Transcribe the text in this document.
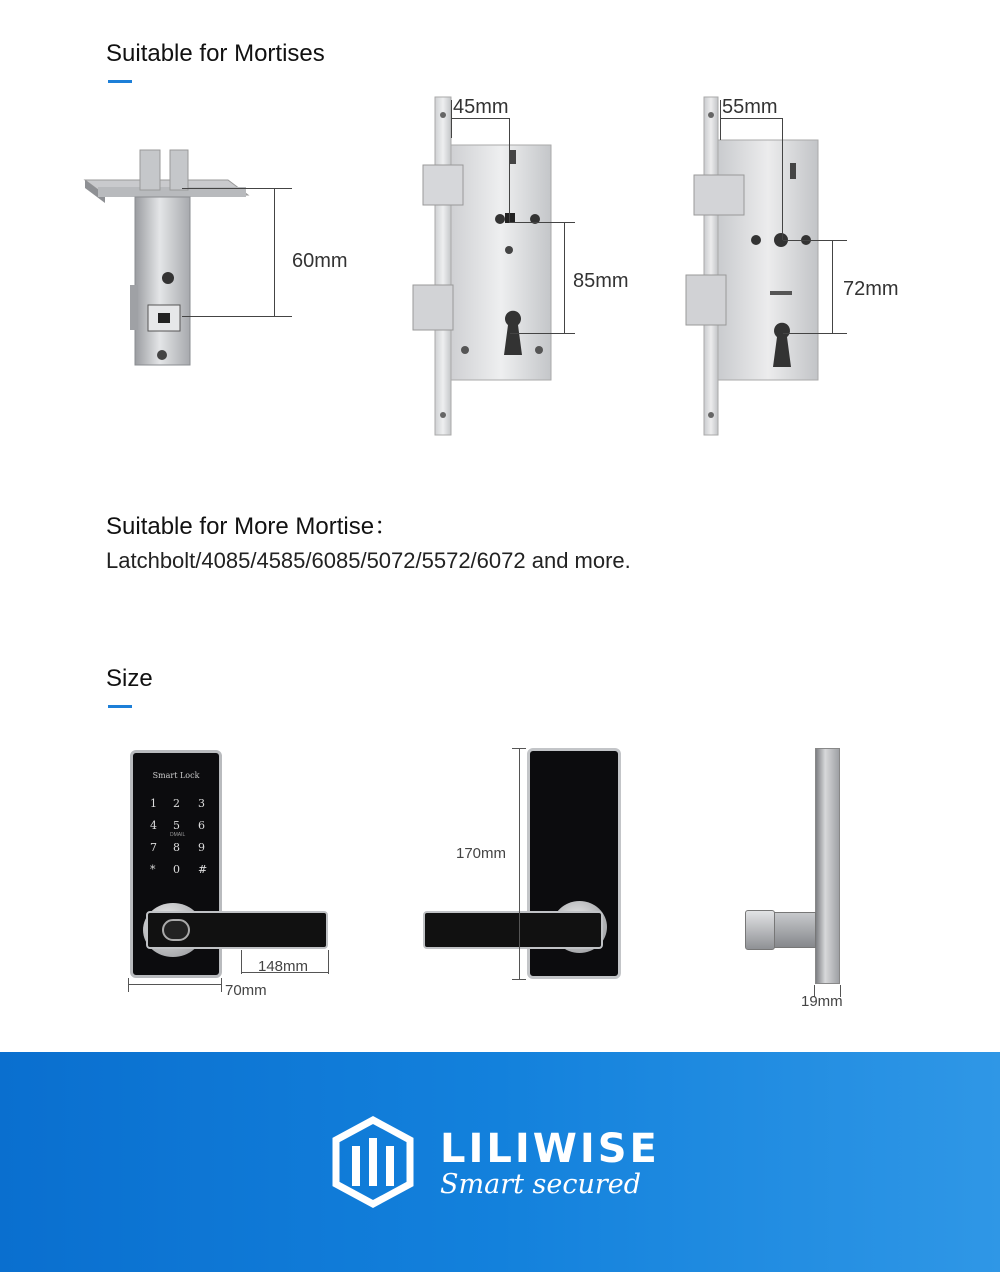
Suitable for Mortises
60mm
45mm
85mm
55mm
72mm
Suitable for More Mortise：
Latchbolt/4085/4585/6085/5072/5572/6072 and more.
Size
Smart Lock
1 2 3
4 5 6
DMAIL
7 8 9
* 0 #
148mm
70mm
170mm
19mm
LILIWISE
Smart secured
